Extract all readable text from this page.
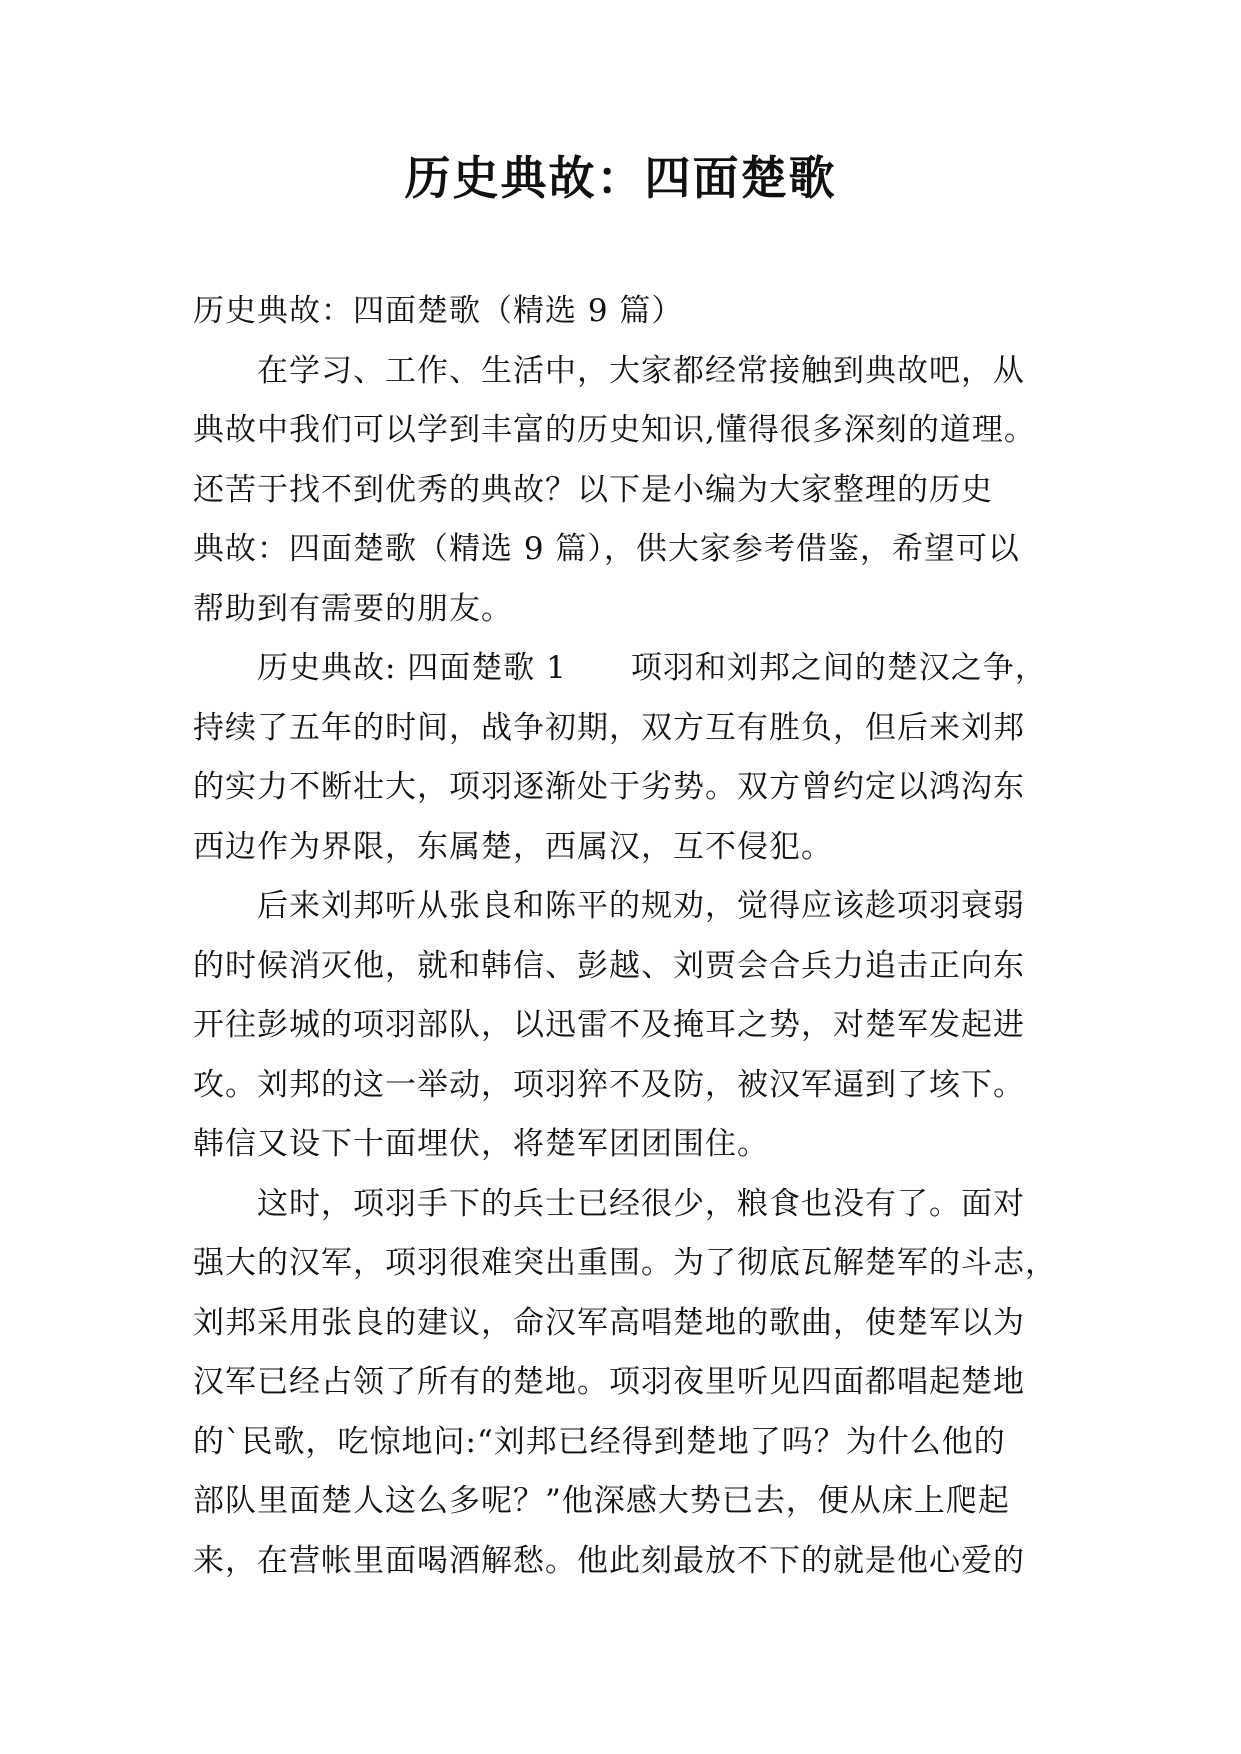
历史典故：四面楚歌
历史典故：四面楚歌（精选 9 篇）
在学习、工作、生活中，大家都经常接触到典故吧，从
典故中我们可以学到丰富的历史知识,懂得很多深刻的道理。
还苦于找不到优秀的典故？以下是小编为大家整理的历史
典故：四面楚歌（精选 9 篇），供大家参考借鉴，希望可以
帮助到有需要的朋友。
历史典故: 四面楚歌 1　　项羽和刘邦之间的楚汉之争，
持续了五年的时间，战争初期，双方互有胜负，但后来刘邦
的实力不断壮大，项羽逐渐处于劣势。双方曾约定以鸿沟东
西边作为界限，东属楚，西属汉，互不侵犯。
后来刘邦听从张良和陈平的规劝，觉得应该趁项羽衰弱
的时候消灭他，就和韩信、彭越、刘贾会合兵力追击正向东
开往彭城的项羽部队，以迅雷不及掩耳之势，对楚军发起进
攻。刘邦的这一举动，项羽猝不及防，被汉军逼到了垓下。
韩信又设下十面埋伏，将楚军团团围住。
这时，项羽手下的兵士已经很少，粮食也没有了。面对
强大的汉军，项羽很难突出重围。为了彻底瓦解楚军的斗志，
刘邦采用张良的建议，命汉军高唱楚地的歌曲，使楚军以为
汉军已经占领了所有的楚地。项羽夜里听见四面都唱起楚地
的`民歌，吃惊地问:“刘邦已经得到楚地了吗？为什么他的
部队里面楚人这么多呢？”他深感大势已去，便从床上爬起
来，在营帐里面喝酒解愁。他此刻最放不下的就是他心爱的
